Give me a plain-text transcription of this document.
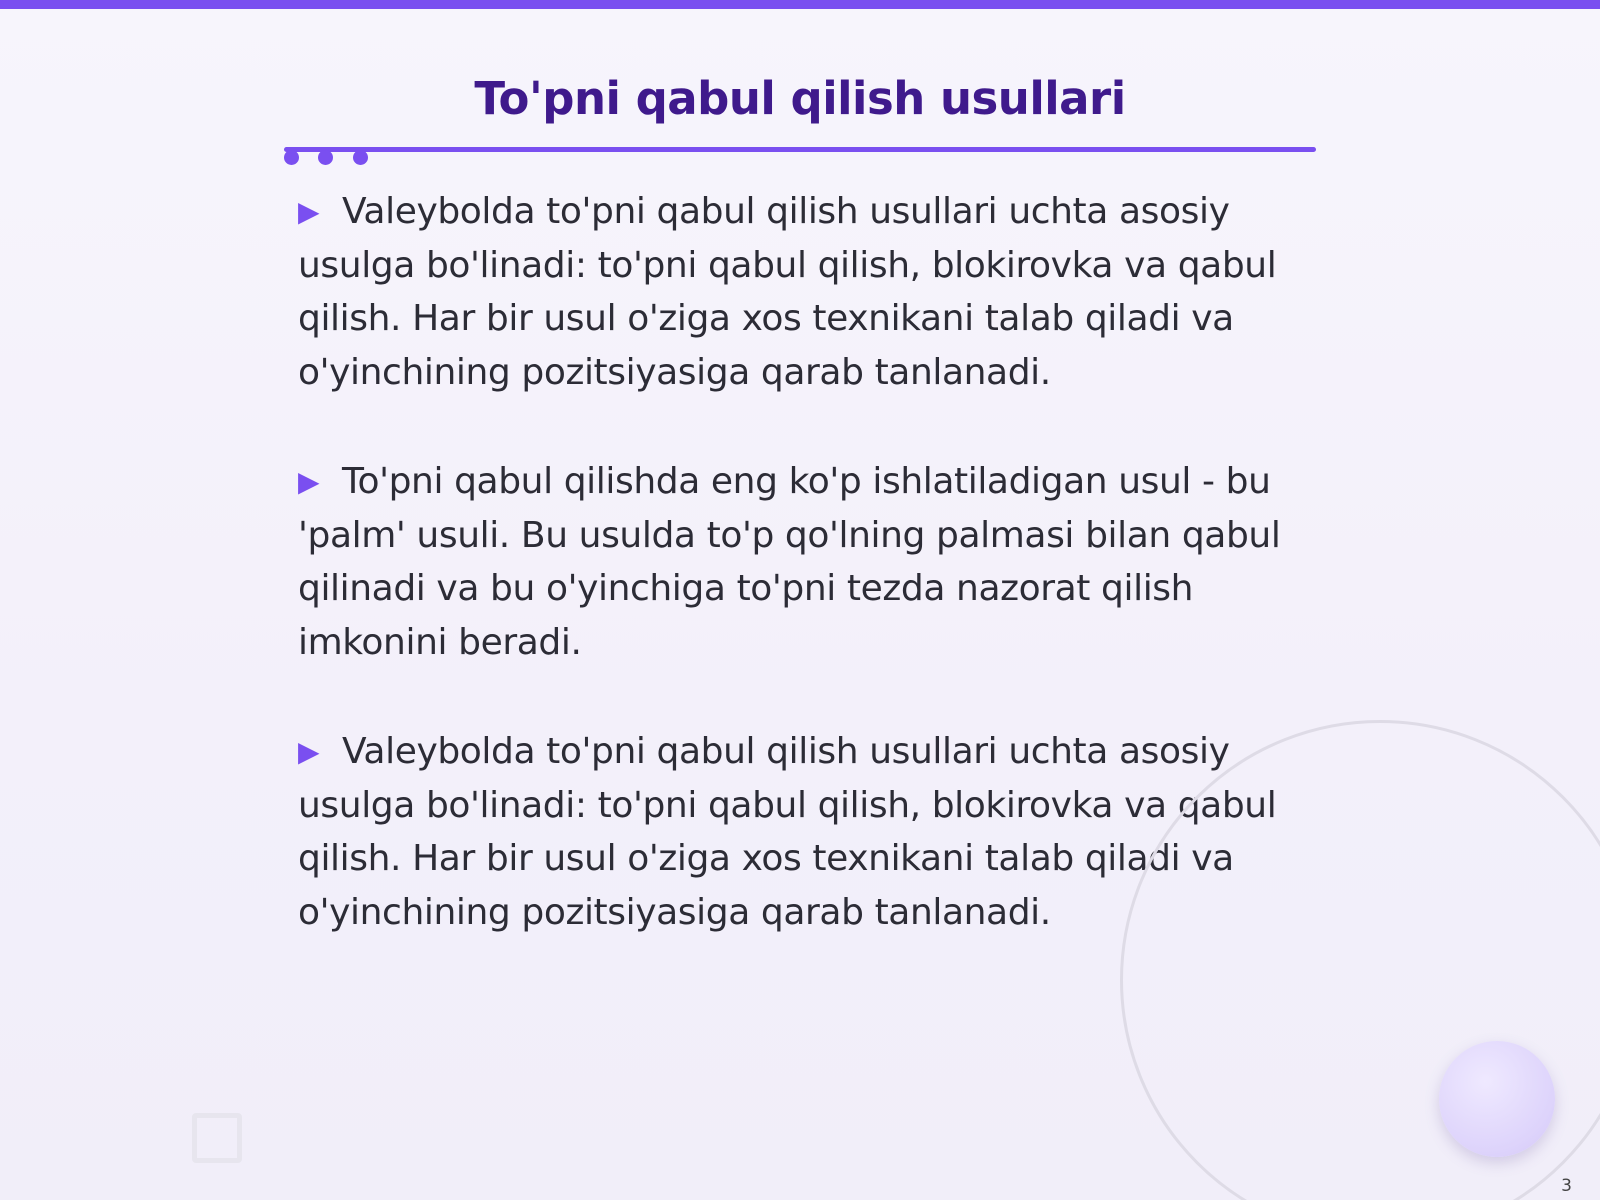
To'pni qabul qilish usullari

▶ Valeybolda to'pni qabul qilish usullari uchta asosiy usulga bo'linadi: to'pni qabul qilish, blokirovka va qabul qilish. Har bir usul o'ziga xos texnikani talab qiladi va o'yinchining pozitsiyasiga qarab tanlanadi.

▶ To'pni qabul qilishda eng ko'p ishlatiladigan usul - bu 'palm' usuli. Bu usulda to'p qo'lning palmasi bilan qabul qilinadi va bu o'yinchiga to'pni tezda nazorat qilish imkonini beradi.

▶ Valeybolda to'pni qabul qilish usullari uchta asosiy usulga bo'linadi: to'pni qabul qilish, blokirovka va qabul qilish. Har bir usul o'ziga xos texnikani talab qiladi va o'yinchining pozitsiyasiga qarab tanlanadi.

3
